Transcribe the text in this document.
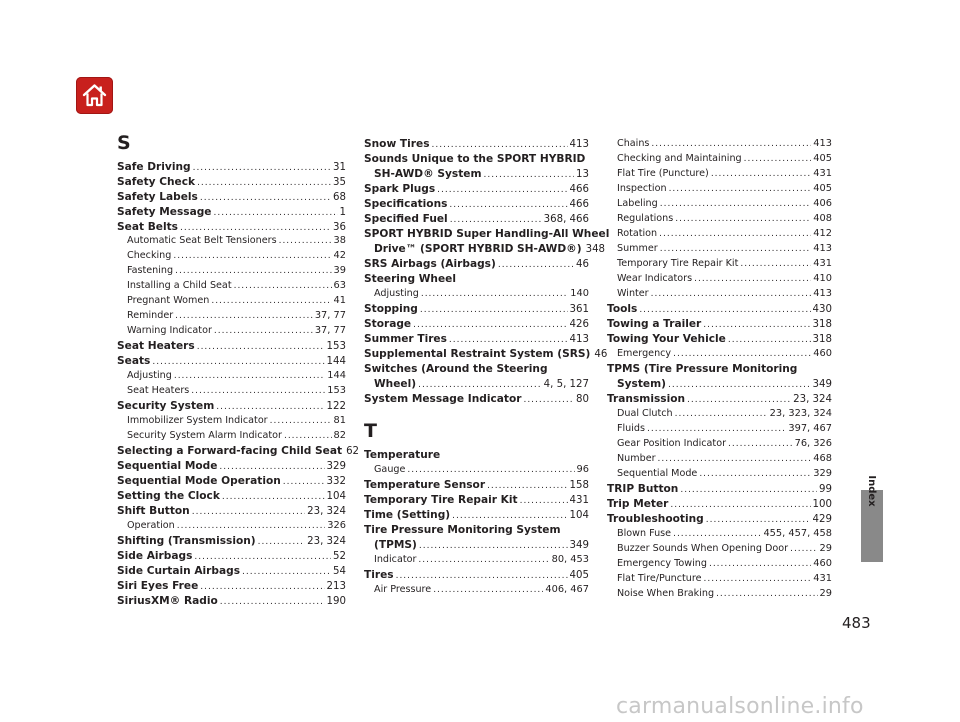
S
Safe Driving .....	31
Safety Check .....	35
Safety Labels .....	68
Safety Message .....	1
Seat Belts .....	36
Automatic Seat Belt Tensioners .....	38
Checking .....	42
Fastening .....	39
Installing a Child Seat .....	63
Pregnant Women .....	41
Reminder .....	37, 77
Warning Indicator .....	37, 77
Seat Heaters .....	153
Seats .....	144
Adjusting .....	144
Seat Heaters .....	153
Security System .....	122
Immobilizer System Indicator .....	81
Security System Alarm Indicator .....	82
Selecting a Forward-facing Child Seat 62
Sequential Mode .....	329
Sequential Mode Operation .....	332
Setting the Clock .....	104
Shift Button .....	23, 324
Operation .....	326
Shifting (Transmission) .....	23, 324
Side Airbags .....	52
Side Curtain Airbags .....	54
Siri Eyes Free .....	213
SiriusXM® Radio .....	190
Snow Tires .....	413
Sounds Unique to the SPORT HYBRID
SH-AWD® System .....	13
Spark Plugs .....	466
Specifications .....	466
Specified Fuel .....	368, 466
SPORT HYBRID Super Handling-All Wheel
Drive™ (SPORT HYBRID SH-AWD®) 348
SRS Airbags (Airbags) .....	46
Steering Wheel
Adjusting .....	140
Stopping .....	361
Storage .....	426
Summer Tires .....	413
Supplemental Restraint System (SRS) 46
Switches (Around the Steering
Wheel) .....	4, 5, 127
System Message Indicator .....	80
T
Temperature
Gauge .....	96
Temperature Sensor .....	158
Temporary Tire Repair Kit .....	431
Time (Setting) .....	104
Tire Pressure Monitoring System
(TPMS) .....	349
Indicator .....	80, 453
Tires .....	405
Air Pressure .....	406, 467
Chains .....	413
Checking and Maintaining .....	405
Flat Tire (Puncture) .....	431
Inspection .....	405
Labeling .....	406
Regulations .....	408
Rotation .....	412
Summer .....	413
Temporary Tire Repair Kit .....	431
Wear Indicators .....	410
Winter .....	413
Tools .....	430
Towing a Trailer .....	318
Towing Your Vehicle .....	318
Emergency .....	460
TPMS (Tire Pressure Monitoring
System) .....	349
Transmission .....	23, 324
Dual Clutch .....	23, 323, 324
Fluids .....	397, 467
Gear Position Indicator .....	76, 326
Number .....	468
Sequential Mode .....	329
TRIP Button .....	99
Trip Meter .....	100
Troubleshooting .....	429
Blown Fuse .....	455, 457, 458
Buzzer Sounds When Opening Door .....	29
Emergency Towing .....	460
Flat Tire/Puncture .....	431
Noise When Braking .....	29
Index
483
carmanualsonline.info
